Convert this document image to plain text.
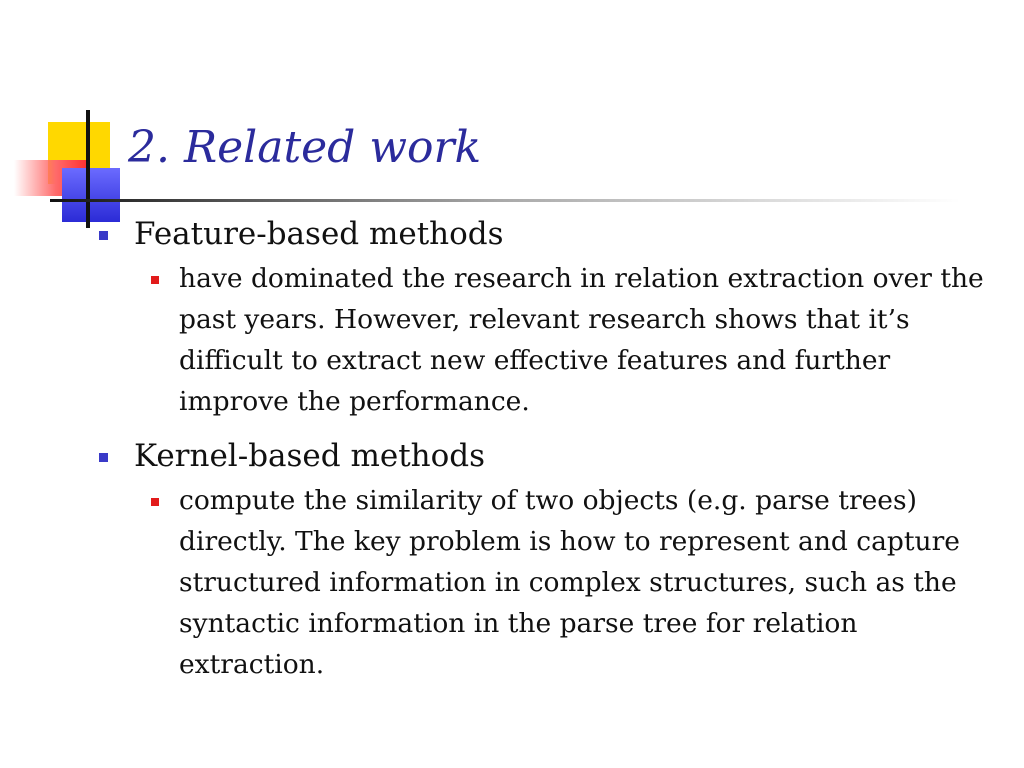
2. Related work
Feature-based methods
have dominated the research in relation extraction over the past years. However, relevant research shows that it’s difficult to extract new effective features and further improve the performance.
Kernel-based methods
compute the similarity of two objects (e.g. parse trees) directly. The key problem is how to represent and capture structured information in complex structures, such as the syntactic information in the parse tree for relation extraction.
